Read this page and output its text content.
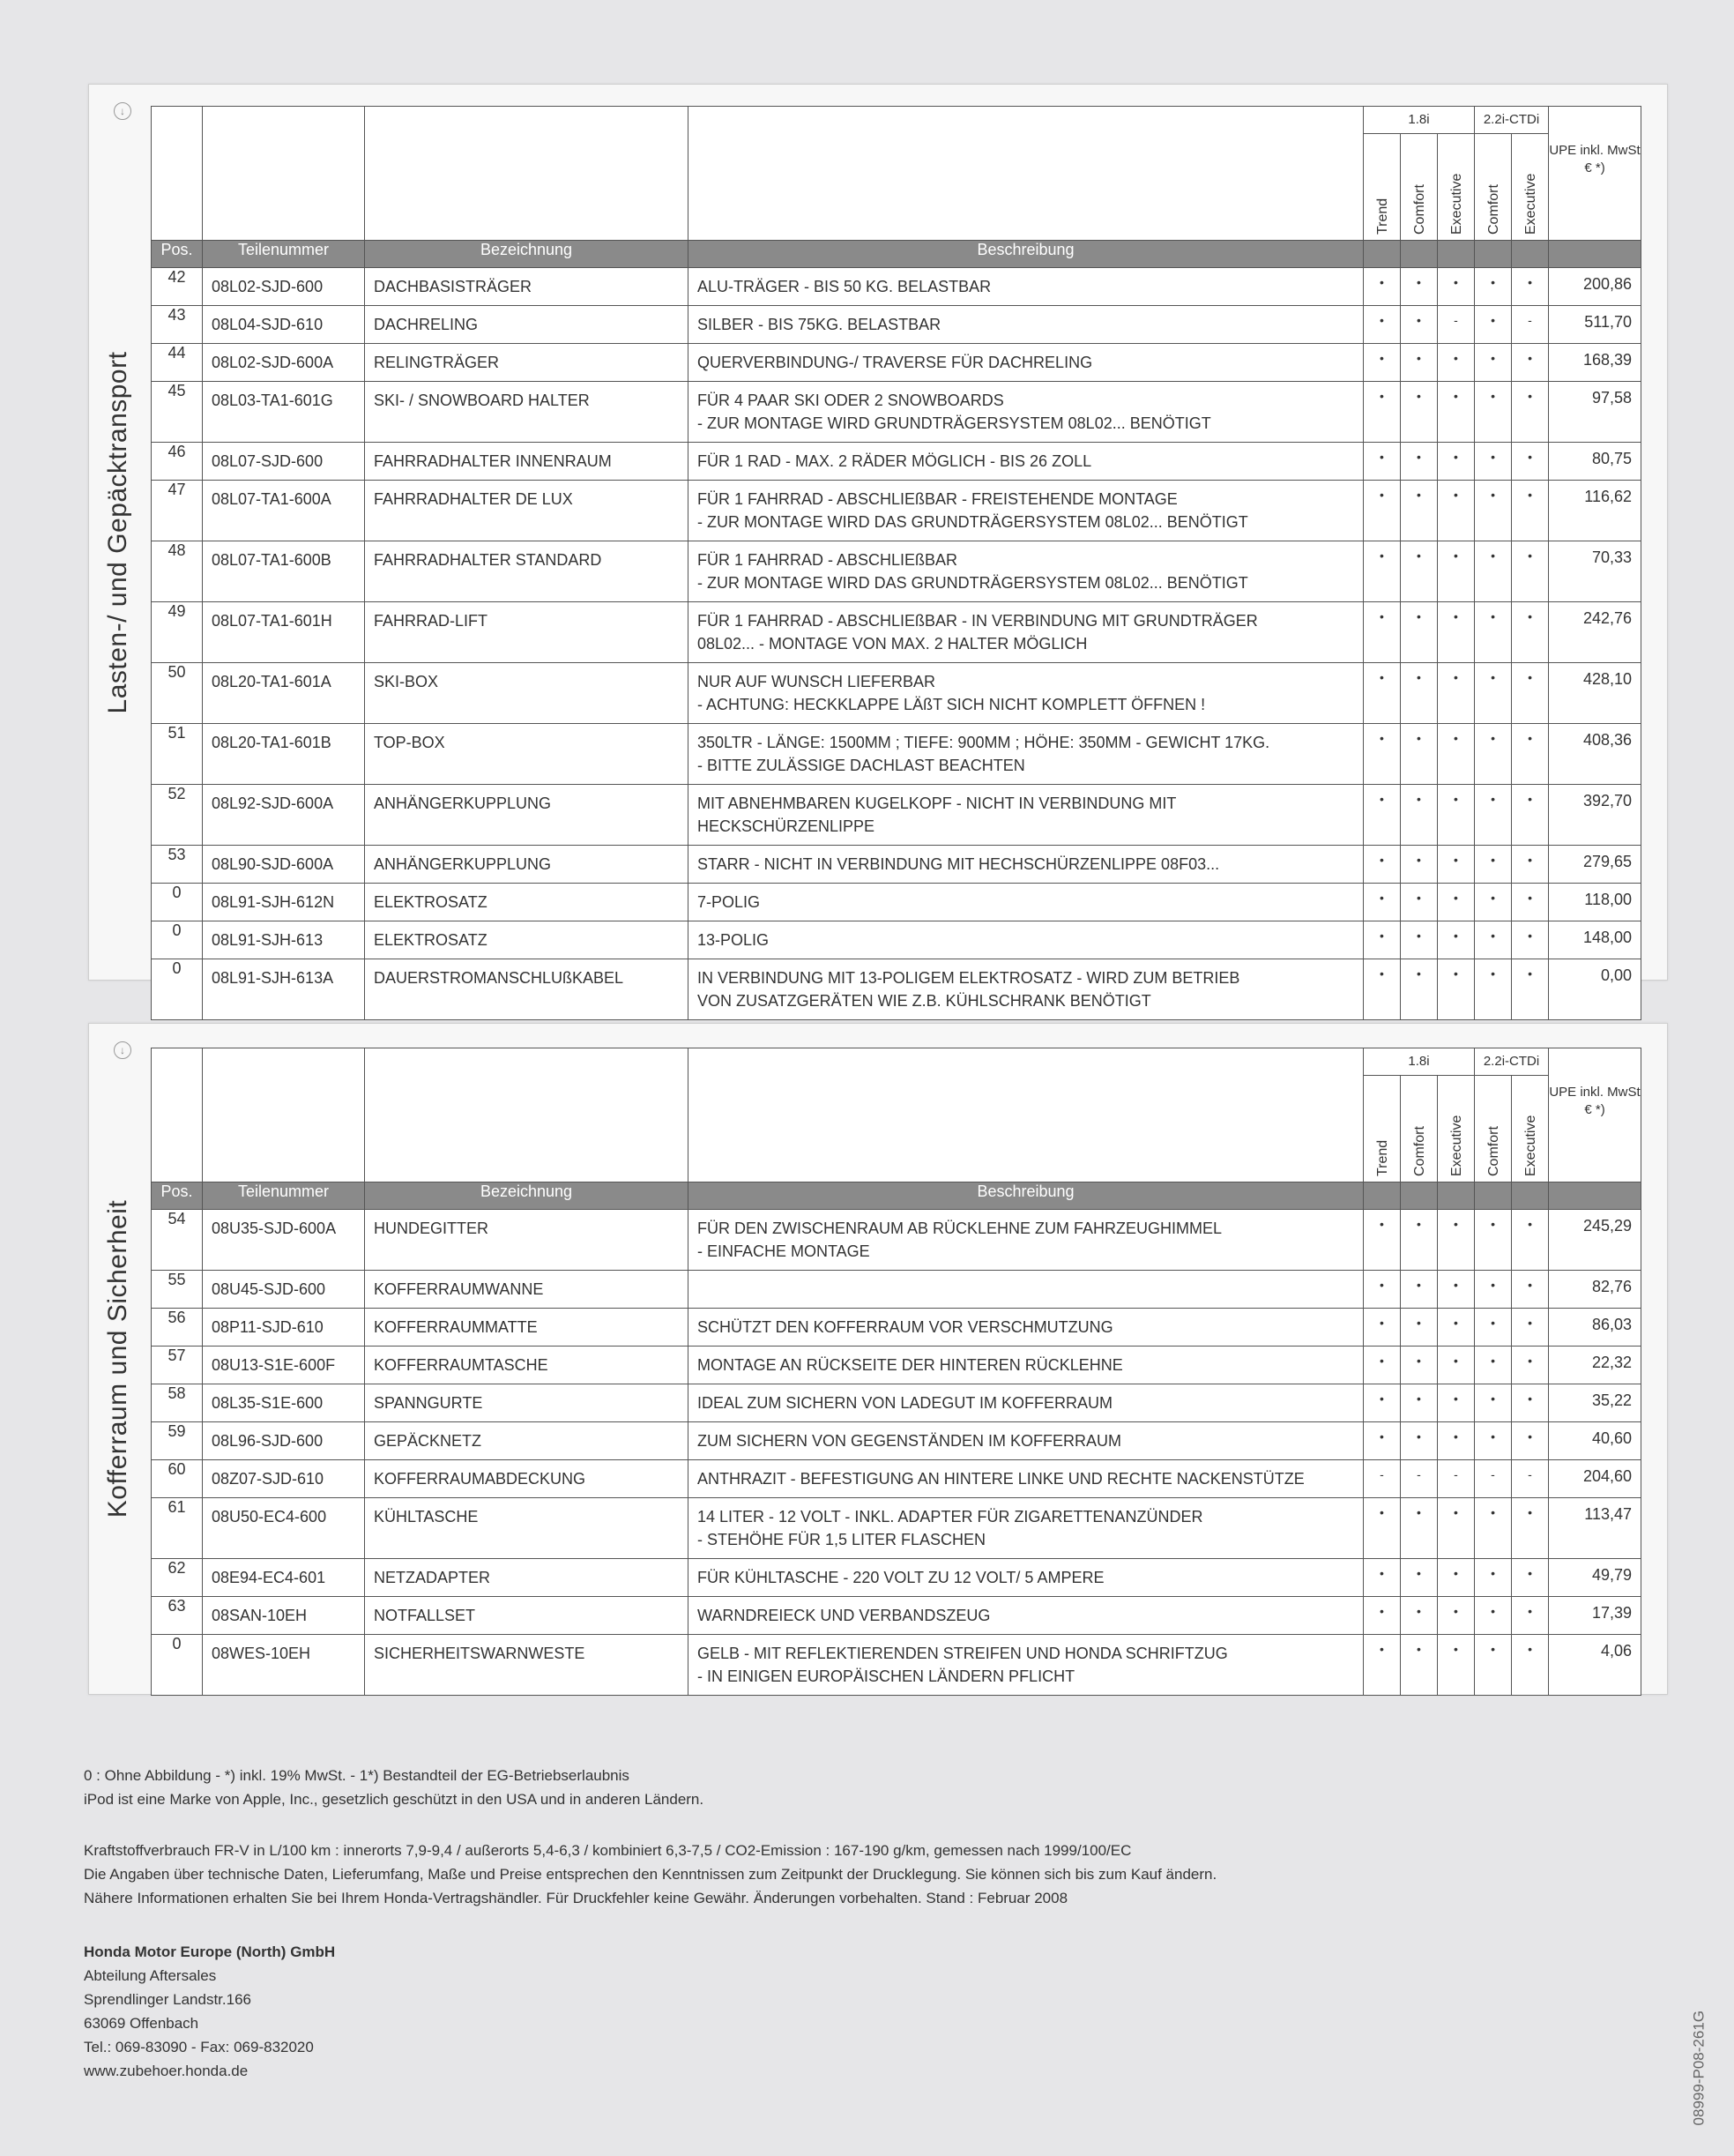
↓
Lasten-/ und Gepäcktransport
				1.8i			2.2i-CTDi		UPE inkl. MwSt € *)

				Trend	Comfort	Executive	Comfort	Executive	

Pos.	Teilenummer	Bezeichnung	Beschreibung						
42	08L02-SJD-600	DACHBASISTRÄGER	ALU-TRÄGER - BIS 50 KG. BELASTBAR	•	•	•	•	•	200,86
43	08L04-SJD-610	DACHRELING	SILBER - BIS 75KG. BELASTBAR	•	•	-	•	-	511,70
44	08L02-SJD-600A	RELINGTRÄGER	QUERVERBINDUNG-/ TRAVERSE FÜR DACHRELING	•	•	•	•	•	168,39
45	08L03-TA1-601G	SKI- / SNOWBOARD HALTER	FÜR 4 PAAR SKI ODER 2 SNOWBOARDS
- ZUR MONTAGE WIRD GRUNDTRÄGERSYSTEM 08L02... BENÖTIGT	•	•	•	•	•	97,58
46	08L07-SJD-600	FAHRRADHALTER INNENRAUM	FÜR 1 RAD - MAX. 2 RÄDER MÖGLICH - BIS 26 ZOLL	•	•	•	•	•	80,75
47	08L07-TA1-600A	FAHRRADHALTER DE LUX	FÜR 1 FAHRRAD - ABSCHLIEßBAR - FREISTEHENDE MONTAGE
- ZUR MONTAGE WIRD DAS GRUNDTRÄGERSYSTEM 08L02... BENÖTIGT	•	•	•	•	•	116,62
48	08L07-TA1-600B	FAHRRADHALTER STANDARD	FÜR 1 FAHRRAD - ABSCHLIEßBAR
- ZUR MONTAGE WIRD DAS GRUNDTRÄGERSYSTEM 08L02... BENÖTIGT	•	•	•	•	•	70,33
49	08L07-TA1-601H	FAHRRAD-LIFT	FÜR 1 FAHRRAD - ABSCHLIEßBAR - IN VERBINDUNG MIT GRUNDTRÄGER
08L02... - MONTAGE VON MAX. 2 HALTER MÖGLICH	•	•	•	•	•	242,76
50	08L20-TA1-601A	SKI-BOX	NUR AUF WUNSCH LIEFERBAR
- ACHTUNG: HECKKLAPPE LÄßT SICH NICHT KOMPLETT ÖFFNEN !	•	•	•	•	•	428,10
51	08L20-TA1-601B	TOP-BOX	350LTR - LÄNGE: 1500MM ; TIEFE: 900MM ; HÖHE: 350MM - GEWICHT 17KG.
- BITTE ZULÄSSIGE DACHLAST BEACHTEN	•	•	•	•	•	408,36
52	08L92-SJD-600A	ANHÄNGERKUPPLUNG	MIT ABNEHMBAREN KUGELKOPF - NICHT IN VERBINDUNG MIT HECKSCHÜRZENLIPPE	•	•	•	•	•	392,70
53	08L90-SJD-600A	ANHÄNGERKUPPLUNG	STARR - NICHT IN VERBINDUNG MIT HECHSCHÜRZENLIPPE 08F03...	•	•	•	•	•	279,65
0	08L91-SJH-612N	ELEKTROSATZ	7-POLIG	•	•	•	•	•	118,00
0	08L91-SJH-613	ELEKTROSATZ	13-POLIG	•	•	•	•	•	148,00
0	08L91-SJH-613A	DAUERSTROMANSCHLUßKABEL	IN VERBINDUNG MIT 13-POLIGEM ELEKTROSATZ - WIRD ZUM BETRIEB
VON ZUSATZGERÄTEN WIE Z.B. KÜHLSCHRANK BENÖTIGT	•	•	•	•	•	0,00
↓
Kofferraum und Sicherheit
				1.8i			2.2i-CTDi		UPE inkl. MwSt € *)

				Trend	Comfort	Executive	Comfort	Executive	

Pos.	Teilenummer	Bezeichnung	Beschreibung						
54	08U35-SJD-600A	HUNDEGITTER	FÜR DEN ZWISCHENRAUM AB RÜCKLEHNE ZUM FAHRZEUGHIMMEL
- EINFACHE MONTAGE	•	•	•	•	•	245,29
55	08U45-SJD-600	KOFFERRAUMWANNE		•	•	•	•	•	82,76
56	08P11-SJD-610	KOFFERRAUMMATTE	SCHÜTZT DEN KOFFERRAUM VOR VERSCHMUTZUNG	•	•	•	•	•	86,03
57	08U13-S1E-600F	KOFFERRAUMTASCHE	MONTAGE AN RÜCKSEITE DER HINTEREN RÜCKLEHNE	•	•	•	•	•	22,32
58	08L35-S1E-600	SPANNGURTE	IDEAL ZUM SICHERN VON LADEGUT IM KOFFERRAUM	•	•	•	•	•	35,22
59	08L96-SJD-600	GEPÄCKNETZ	ZUM SICHERN VON GEGENSTÄNDEN IM KOFFERRAUM	•	•	•	•	•	40,60
60	08Z07-SJD-610	KOFFERRAUMABDECKUNG	ANTHRAZIT - BEFESTIGUNG AN HINTERE LINKE UND RECHTE NACKENSTÜTZE	-	-	-	-	-	204,60
61	08U50-EC4-600	KÜHLTASCHE	14 LITER - 12 VOLT - INKL. ADAPTER FÜR ZIGARETTENANZÜNDER
- STEHÖHE FÜR 1,5 LITER FLASCHEN	•	•	•	•	•	113,47
62	08E94-EC4-601	NETZADAPTER	FÜR KÜHLTASCHE - 220 VOLT ZU 12 VOLT/ 5 AMPERE	•	•	•	•	•	49,79
63	08SAN-10EH	NOTFALLSET	WARNDREIECK UND VERBANDSZEUG	•	•	•	•	•	17,39
0	08WES-10EH	SICHERHEITSWARNWESTE	GELB - MIT REFLEKTIERENDEN STREIFEN UND HONDA SCHRIFTZUG
- IN EINIGEN EUROPÄISCHEN LÄNDERN PFLICHT	•	•	•	•	•	4,06

0 : Ohne Abbildung - *) inkl. 19% MwSt. - 1*) Bestandteil der EG-Betriebserlaubnis

iPod ist eine Marke von Apple, Inc., gesetzlich geschützt in den USA und in anderen Ländern.

Kraftstoffverbrauch FR-V in L/100 km : innerorts 7,9-9,4 / außerorts 5,4-6,3 / kombiniert 6,3-7,5 / CO2-Emission : 167-190 g/km, gemessen nach 1999/100/EC

Die Angaben über technische Daten, Lieferumfang, Maße und Preise entsprechen den Kenntnissen zum Zeitpunkt der Drucklegung. Sie können sich bis zum Kauf ändern.

Nähere Informationen erhalten Sie bei Ihrem Honda-Vertragshändler. Für Druckfehler keine Gewähr. Änderungen vorbehalten. Stand : Februar 2008

Honda Motor Europe (North) GmbH

Abteilung Aftersales

Sprendlinger Landstr.166

63069 Offenbach

Tel.: 069-83090 - Fax: 069-832020

www.zubehoer.honda.de	08999-P08-261G
